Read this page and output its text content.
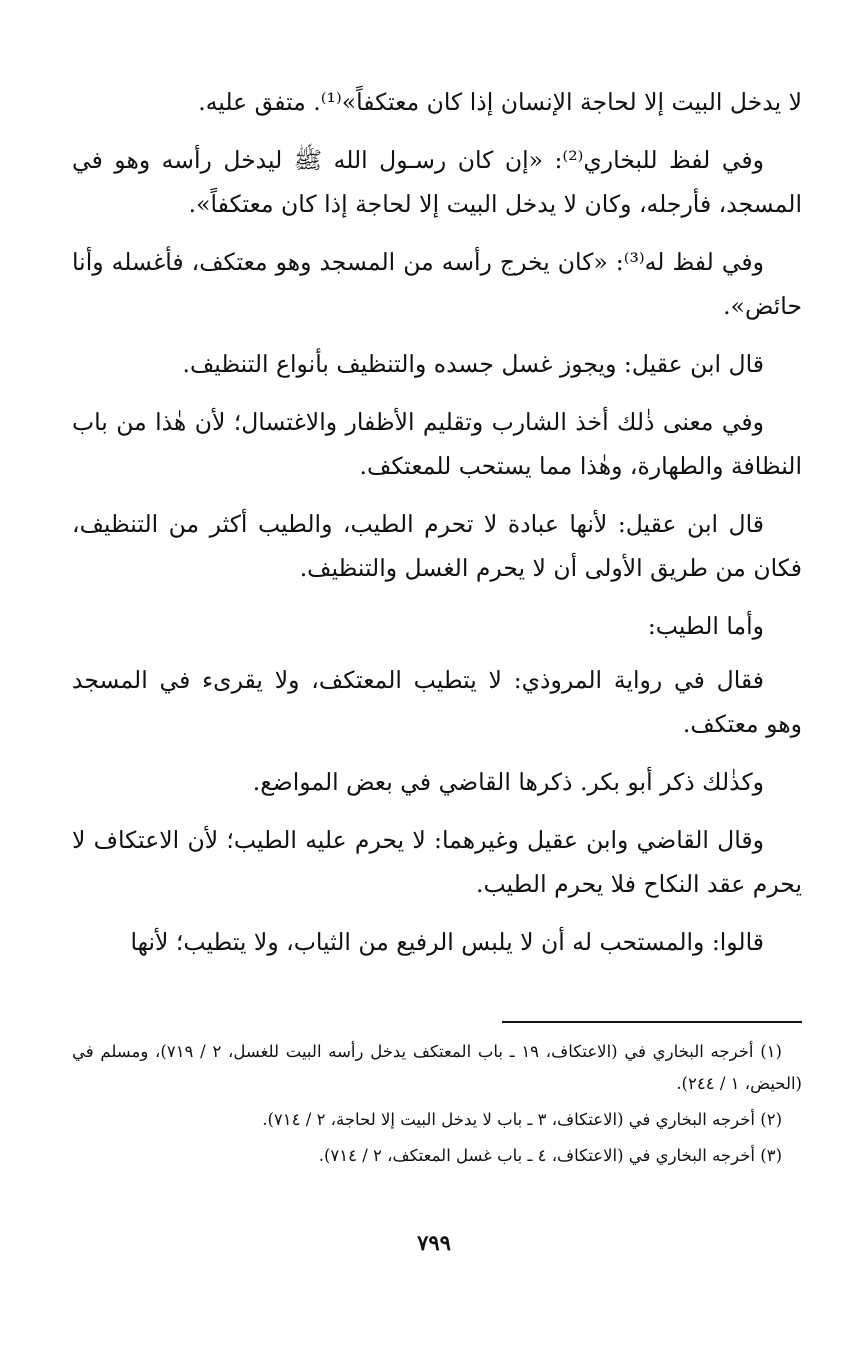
لا يدخل البيت إلا لحاجة الإنسان إذا كان معتكفاً»⁽¹⁾. متفق عليه.

وفي لفظ للبخاري⁽²⁾: «إن كان رسـول الله ﷺ ليدخل رأسه وهو في المسجد، فأرجله، وكان لا يدخل البيت إلا لحاجة إذا كان معتكفاً».

وفي لفظ له⁽³⁾: «كان يخرج رأسه من المسجد وهو معتكف، فأغسله وأنا حائض».

قال ابن عقيل: ويجوز غسل جسده والتنظيف بأنواع التنظيف.

وفي معنى ذٰلك أخذ الشارب وتقليم الأظفار والاغتسال؛ لأن هٰذا من باب النظافة والطهارة، وهٰذا مما يستحب للمعتكف.

قال ابن عقيل: لأنها عبادة لا تحرم الطيب، والطيب أكثر من التنظيف، فكان من طريق الأولى أن لا يحرم الغسل والتنظيف.

وأما الطيب:

فقال في رواية المروذي: لا يتطيب المعتكف، ولا يقرىء في المسجد وهو معتكف.

وكذٰلك ذكر أبو بكر. ذكرها القاضي في بعض المواضع.

وقال القاضي وابن عقيل وغيرهما: لا يحرم عليه الطيب؛ لأن الاعتكاف لا يحرم عقد النكاح فلا يحرم الطيب.

قالوا: والمستحب له أن لا يلبس الرفيع من الثياب، ولا يتطيب؛ لأنها

(١) أخرجه البخاري في (الاعتكاف، ١٩ ـ باب المعتكف يدخل رأسه البيت للغسل، ٢ / ٧١٩)، ومسلم في (الحيض، ١ / ٢٤٤).

(٢) أخرجه البخاري في (الاعتكاف، ٣ ـ باب لا يدخل البيت إلا لحاجة، ٢ / ٧١٤).

(٣) أخرجه البخاري في (الاعتكاف، ٤ ـ باب غسل المعتكف، ٢ / ٧١٤).

٧٩٩
